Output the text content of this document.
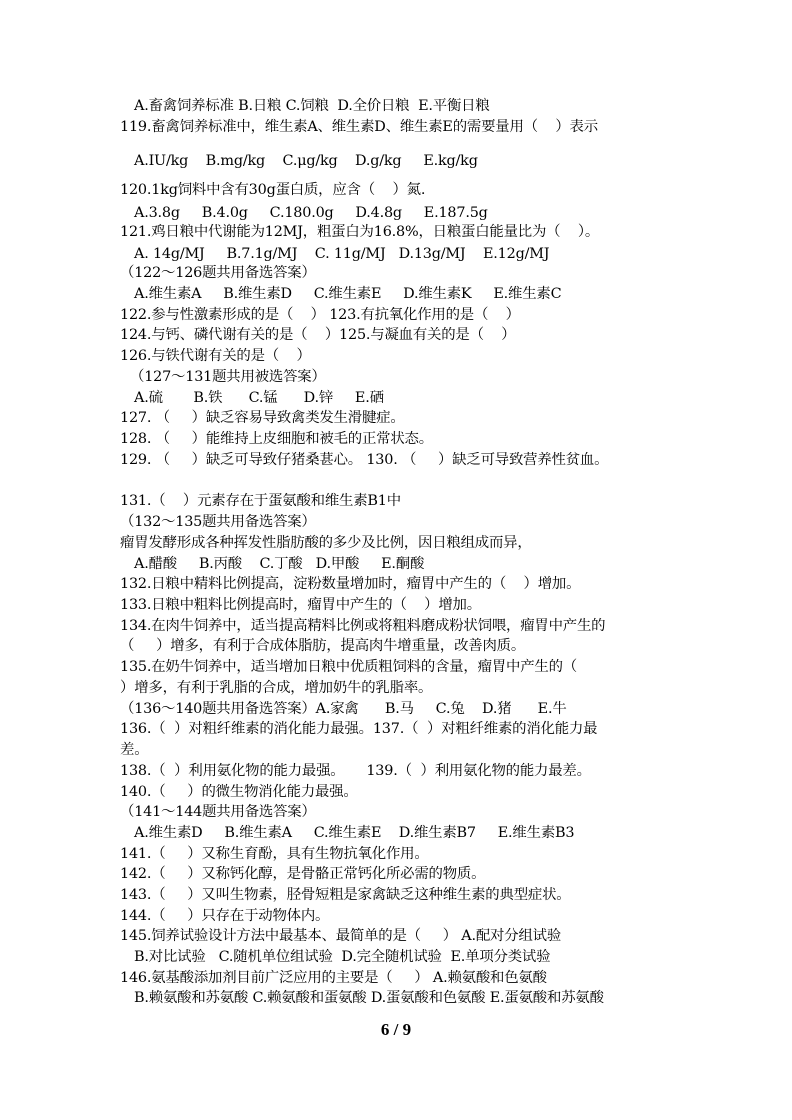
A.畜禽饲养标准 B.日粮 C.饲粮  D.全价日粮  E.平衡日粮
119.畜禽饲养标准中，维生素A、维生素D、维生素E的需要量用（    ）表示
A.IU/kg    B.mg/kg    C.μg/kg    D.g/kg     E.kg/kg
120.1kg饲料中含有30g蛋白质，应含（    ）氮.
A.3.8g     B.4.0g     C.180.0g     D.4.8g     E.187.5g
121.鸡日粮中代谢能为12MJ，粗蛋白为16.8%，日粮蛋白能量比为（    ）。
A. 14g/MJ     B.7.1g/MJ    C. 11g/MJ   D.13g/MJ    E.12g/MJ
（122～126题共用备选答案）
A.维生素A     B.维生素D     C.维生素E     D.维生素K     E.维生素C
122.参与性激素形成的是（    ） 123.有抗氧化作用的是（    ）
124.与钙、磷代谢有关的是（    ）125.与凝血有关的是（    ）
126.与铁代谢有关的是（    ）
（127～131题共用被选答案）
A.硫       B.铁      C.锰      D.锌     E.硒
127. （     ）缺乏容易导致禽类发生滑腱症。
128. （     ）能维持上皮细胞和被毛的正常状态。
129. （     ）缺乏可导致仔猪桑葚心。 130. （     ）缺乏可导致营养性贫血。
131.（    ）元素存在于蛋氨酸和维生素B1中
（132～135题共用备选答案）
瘤胃发酵形成各种挥发性脂肪酸的多少及比例，因日粮组成而异，
A.醋酸     B.丙酸    C.丁酸   D.甲酸     E.酮酸
132.日粮中精料比例提高，淀粉数量增加时，瘤胃中产生的（    ）增加。
133.日粮中粗料比例提高时，瘤胃中产生的（    ）增加。
134.在肉牛饲养中，适当提高精料比例或将粗料磨成粉状饲喂，瘤胃中产生的
（     ）增多，有利于合成体脂肪，提高肉牛增重量，改善肉质。
135.在奶牛饲养中，适当增加日粮中优质粗饲料的含量，瘤胃中产生的（
）增多，有利于乳脂的合成，增加奶牛的乳脂率。
（136～140题共用备选答案）A.家禽      B.马     C.兔    D.猪      E.牛
136.（  ）对粗纤维素的消化能力最强。137.（  ）对粗纤维素的消化能力最
差。
138.（  ）利用氨化物的能力最强。     139.（  ）利用氨化物的能力最差。
140.（     ）的微生物消化能力最强。
（141～144题共用备选答案）
A.维生素D     B.维生素A     C.维生素E    D.维生素B7     E.维生素B3
141.（     ）又称生育酚，具有生物抗氧化作用。
142.（     ）又称钙化醇，是骨骼正常钙化所必需的物质。
143.（     ）又叫生物素，胫骨短粗是家禽缺乏这种维生素的典型症状。
144.（     ）只存在于动物体内。
145.饲养试验设计方法中最基本、最简单的是（     ） A.配对分组试验
B.对比试验   C.随机单位组试验  D.完全随机试验  E.单项分类试验
146.氨基酸添加剂目前广泛应用的主要是（     ） A.赖氨酸和色氨酸
B.赖氨酸和苏氨酸 C.赖氨酸和蛋氨酸 D.蛋氨酸和色氨酸 E.蛋氨酸和苏氨酸
6 / 9
